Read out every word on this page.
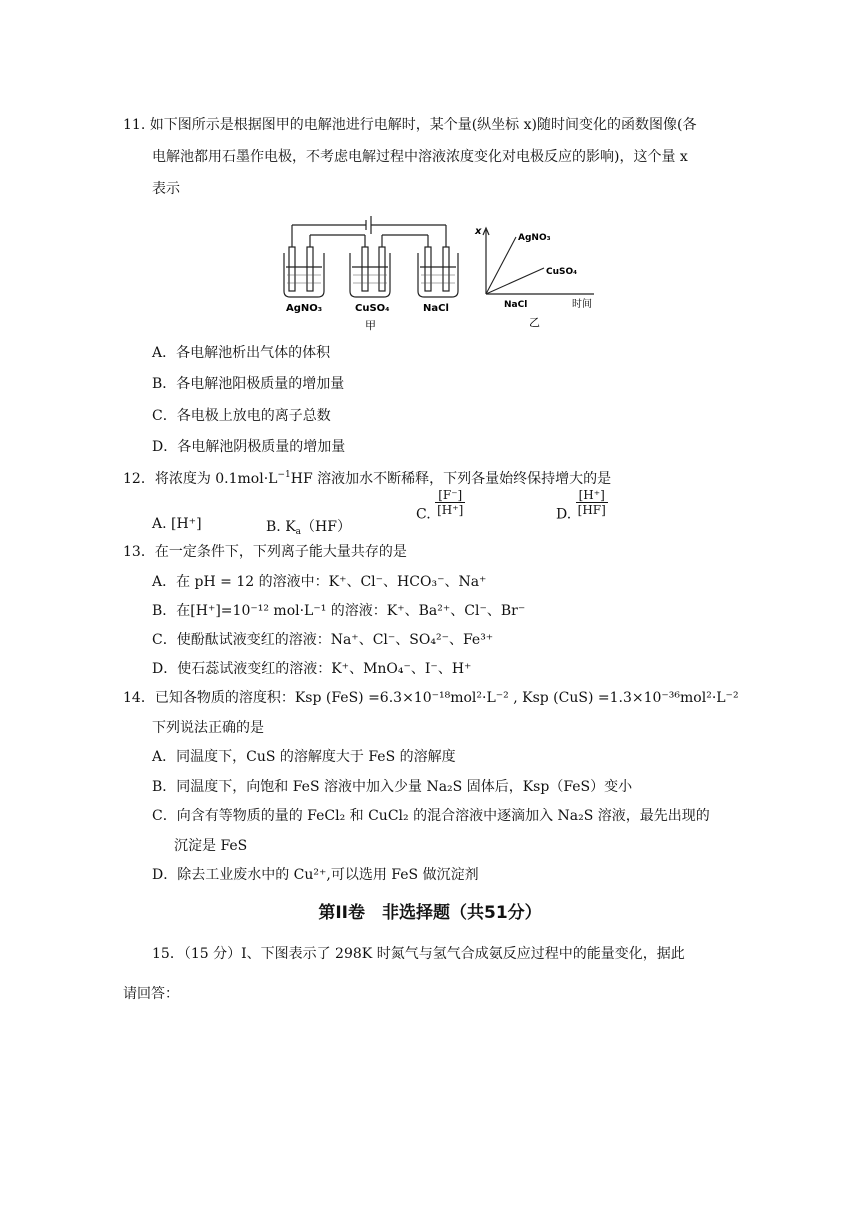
11. 如下图所示是根据图甲的电解池进行电解时，某个量(纵坐标 x)随时间变化的函数图像(各
电解池都用石墨作电极，不考虑电解过程中溶液浓度变化对电极反应的影响)，这个量 x
表示
AgNO₃	CuSO₄	NaCl
甲
x
AgNO₃
CuSO₄
NaCl	时间
乙
A．各电解池析出气体的体积
B．各电解池阳极质量的增加量
C．各电极上放电的离子总数
D．各电解池阴极质量的增加量
12．将浓度为 $0.1mol\cdot L^{-1}HF$ 溶液加水不断稀释，下列各量始终保持增大的是
A. [H⁺]	B. $K_a(HF)$
C. $\frac{[F^-]}{[H^+]}$	D. $\frac{[H^+]}{[HF]}$
13．在一定条件下，下列离子能大量共存的是
A．在 pH = 12 的溶液中：K⁺、Cl⁻、HCO₃⁻、Na⁺
B．在[H⁺]=10⁻¹² mol·L⁻¹ 的溶液：K⁺、Ba²⁺、Cl⁻、Br⁻
C．使酚酞试液变红的溶液：Na⁺、Cl⁻、SO₄²⁻、Fe³⁺
D．使石蕊试液变红的溶液：K⁺、MnO₄⁻、I⁻、H⁺
14．已知各物质的溶度积：Ksp (FeS) =6.3×10⁻¹⁸mol²·L⁻² , Ksp (CuS) =1.3×10⁻³⁶mol²·L⁻²
下列说法正确的是
A．同温度下，CuS 的溶解度大于 FeS 的溶解度
B．同温度下，向饱和 FeS 溶液中加入少量 Na₂S 固体后，Ksp（FeS）变小
C．向含有等物质的量的 FeCl₂ 和 CuCl₂ 的混合溶液中逐滴加入 Na₂S 溶液，最先出现的
沉淀是 FeS
D．除去工业废水中的 Cu²⁺,可以选用 FeS 做沉淀剂
第II卷　非选择题（共51分）
15．（15 分）Ⅰ、下图表示了 298K 时氮气与氢气合成氨反应过程中的能量变化，据此
请回答：
